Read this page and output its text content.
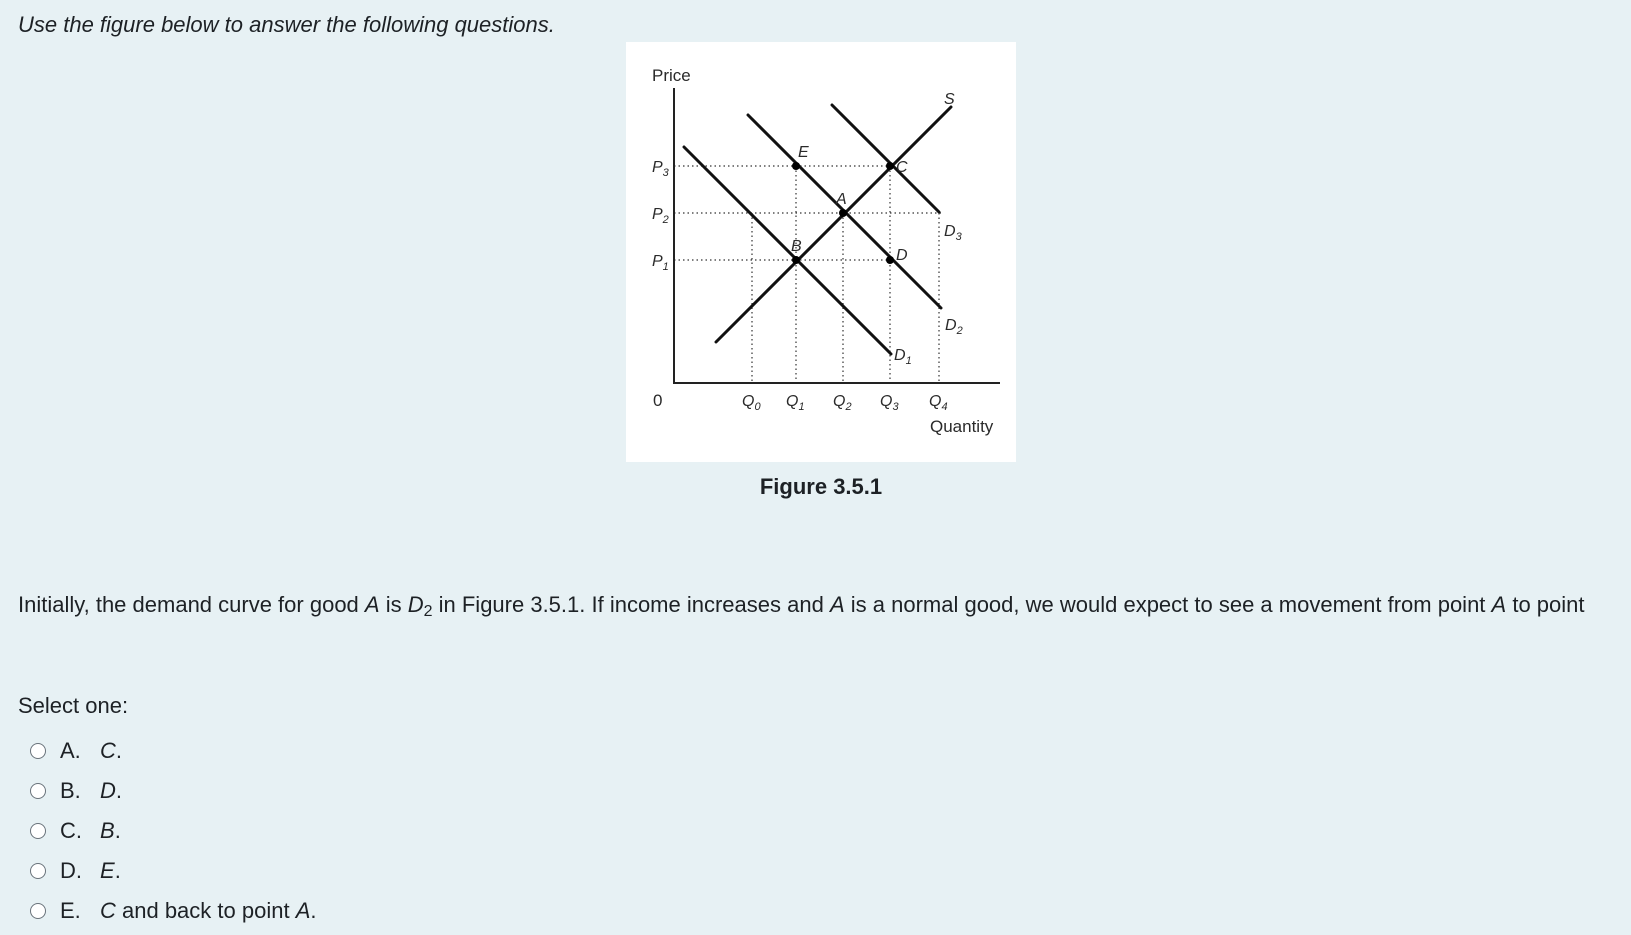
Use the figure below to answer the following questions.

Price
Quantity
0
$P_3$
$P_2$
$P_1$
$Q_0$ $Q_1$ $Q_2$ $Q_3$ $Q_4$
S
$D_3$
$D_2$
$D_1$
A
B
C
D
E

Figure 3.5.1

Initially, the demand curve for good A is $D_2$ in Figure 3.5.1. If income increases and A is a normal good, we would expect to see a movement from point A to point

Select one:

A. C.
B. D.
C. B.
D. E.
E. C and back to point A.
